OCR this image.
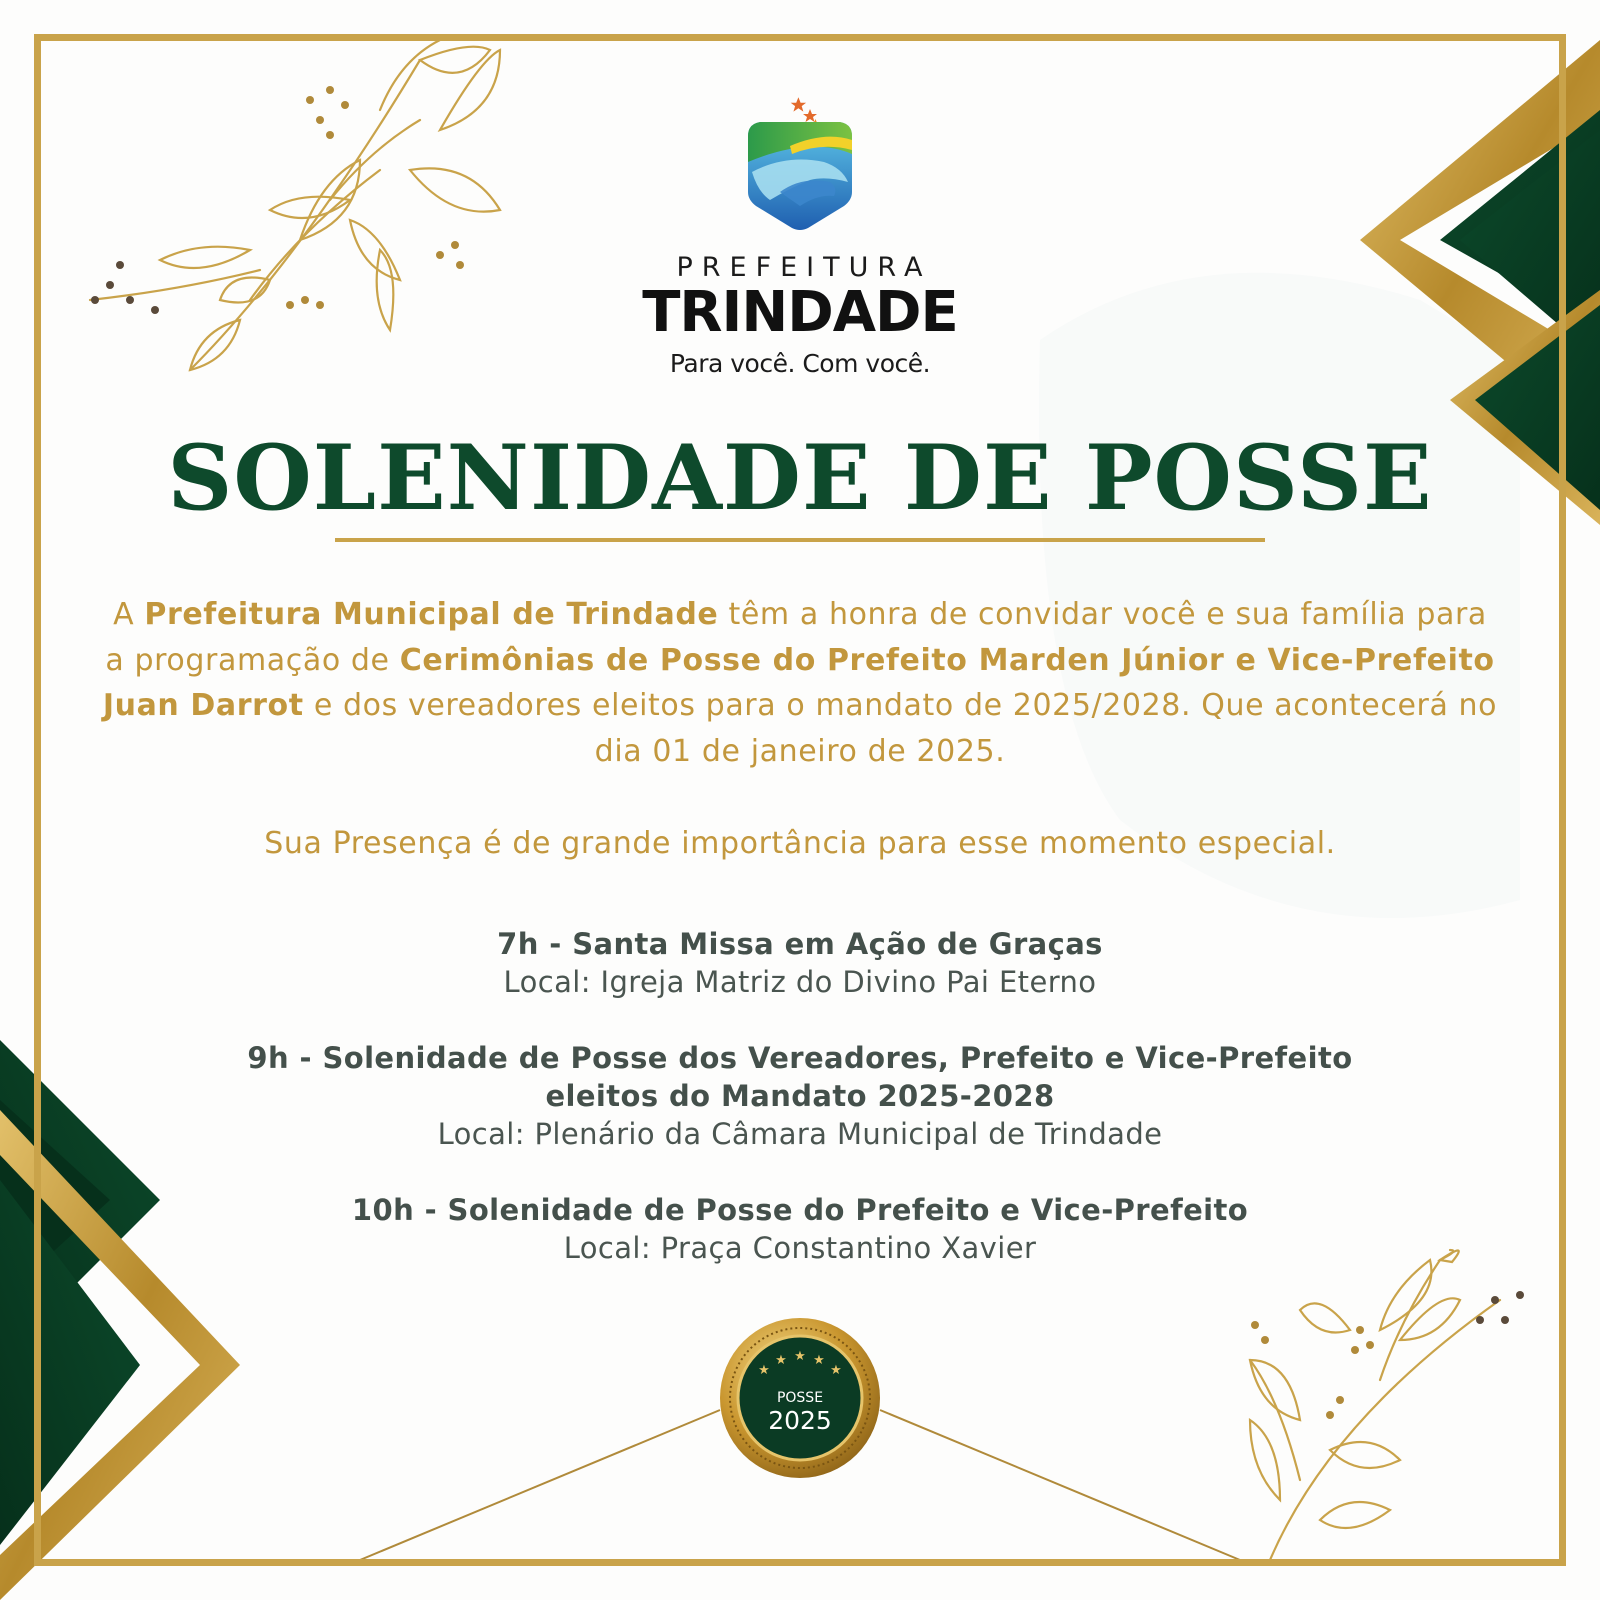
PREFEITURA
TRINDADE
Para você. Com você.
SOLENIDADE DE POSSE
A Prefeitura Municipal de Trindade têm a honra de convidar você e sua família para a programação de Cerimônias de Posse do Prefeito Marden Júnior e Vice-Prefeito Juan Darrot e dos vereadores eleitos para o mandato de 2025/2028. Que acontecerá no dia 01 de janeiro de 2025.
Sua Presença é de grande importância para esse momento especial.
7h - Santa Missa em Ação de Graças
Local: Igreja Matriz do Divino Pai Eterno
9h - Solenidade de Posse dos Vereadores, Prefeito e Vice-Prefeito eleitos do Mandato 2025-2028
Local: Plenário da Câmara Municipal de Trindade
10h - Solenidade de Posse do Prefeito e Vice-Prefeito
Local: Praça Constantino Xavier
★
★ ★ ★
★
POSSE
2025
